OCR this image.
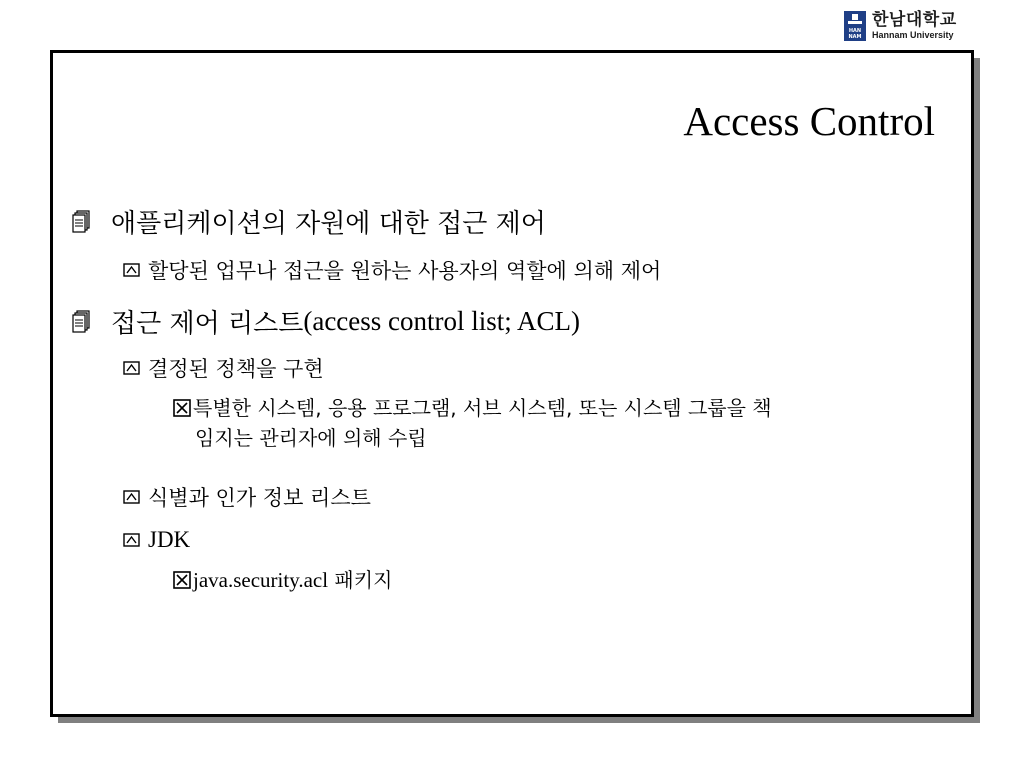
HAN NAM
한남대학교
Hannam University
Access Control
애플리케이션의 자원에 대한 접근 제어
할당된 업무나 접근을 원하는 사용자의 역할에 의해 제어
접근 제어 리스트 (access control list; ACL)
결정된 정책을 구현
특별한 시스템, 응용 프로그램, 서브 시스템, 또는 시스템 그룹을 책
임지는 관리자에 의해 수립
식별과 인가 정보 리스트
JDK
java.security.acl 패키지
